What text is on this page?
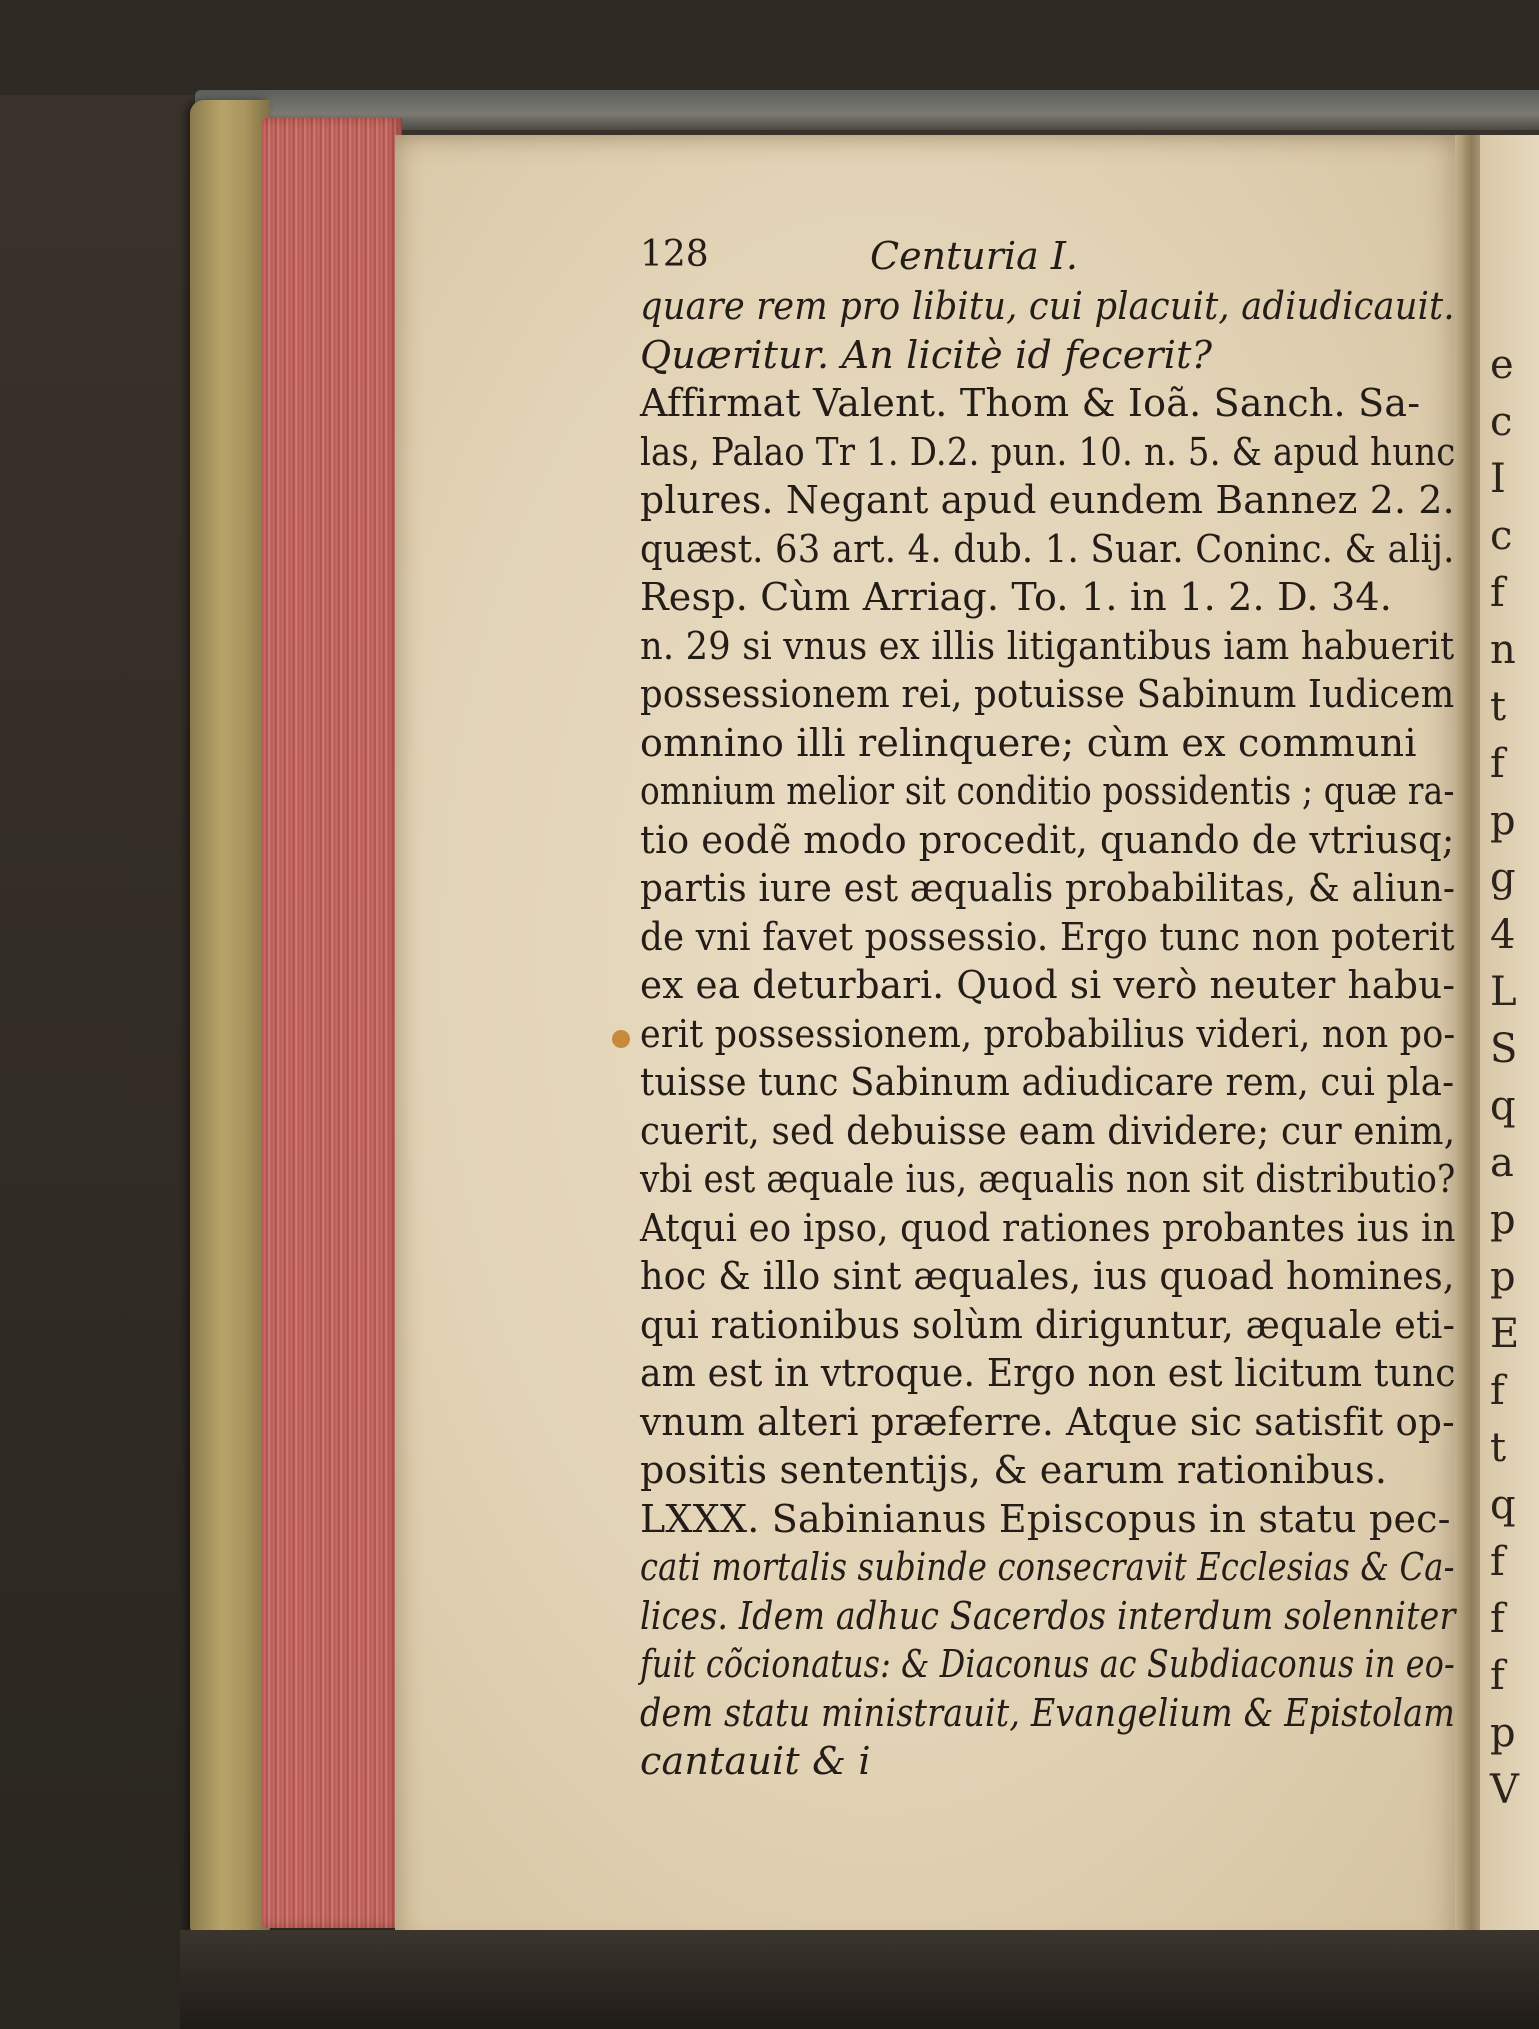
e
c
I
c
f
n
t
f
p
g
4
L
S
q
a
p
p
E
f
t
q
f
f
f
p
V
128	Centuria I.
quare rem pro libitu, cui placuit, adiudicauit.
Quæritur. An licitè id fecerit?
Affirmat Valent. Thom & Ioã. Sanch. Sa-
las, Palao Tr 1. D.2. pun. 10. n. 5. & apud hunc
plures. Negant apud eundem Bannez 2. 2.
quæst. 63 art. 4. dub. 1. Suar. Coninc. & alij.
Resp. Cùm Arriag. To. 1. in 1. 2. D. 34.
n. 29 si vnus ex illis litigantibus iam habuerit
possessionem rei, potuisse Sabinum Iudicem
omnino illi relinquere; cùm ex communi
omnium melior sit conditio possidentis ; quæ ra-
tio eodẽ modo procedit, quando de vtriusq;
partis iure est æqualis probabilitas, & aliun-
de vni favet possessio. Ergo tunc non poterit
ex ea deturbari. Quod si verò neuter habu-
erit possessionem, probabilius videri, non po-
tuisse tunc Sabinum adiudicare rem, cui pla-
cuerit, sed debuisse eam dividere; cur enim,
vbi est æquale ius, æqualis non sit distributio?
Atqui eo ipso, quod rationes probantes ius in
hoc & illo sint æquales, ius quoad homines,
qui rationibus solùm diriguntur, æquale eti-
am est in vtroque. Ergo non est licitum tunc
vnum alteri præferre. Atque sic satisfit op-
positis sententijs, & earum rationibus.
LXXX. Sabinianus Episcopus in statu pec-
cati mortalis subinde consecravit Ecclesias & Ca-
lices. Idem adhuc Sacerdos interdum solenniter
fuit cõcionatus: & Diaconus ac Subdiaconus in eo-
dem statu ministrauit, Evangelium & Epistolam
cantauit & i
